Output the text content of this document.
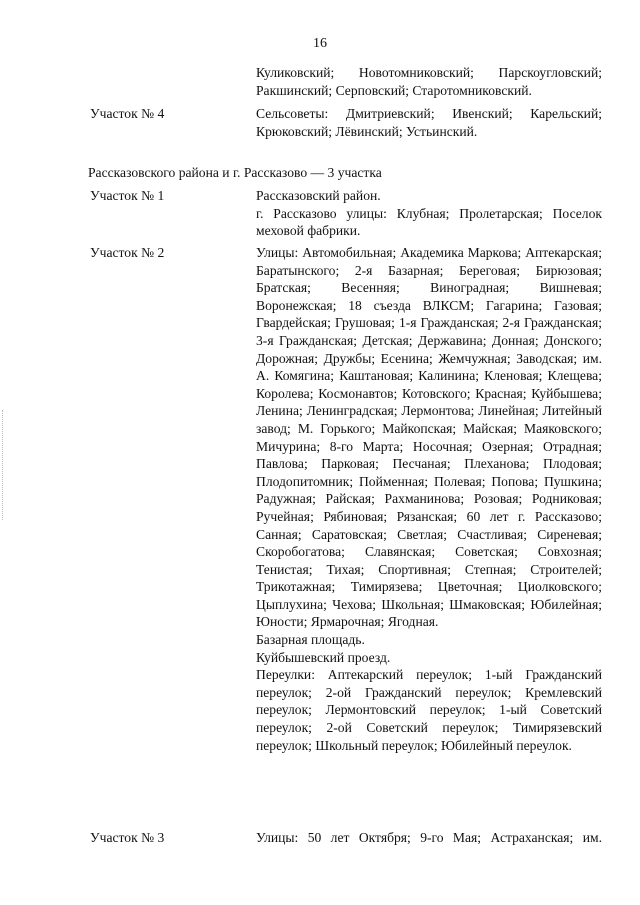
16

Куликовский; Новотомниковский; Парскоугловский; Ракшинский; Серповский; Старотомниковский.

Участок № 4	Сельсоветы: Дмитриевский; Ивенский; Карельский; Крюковский; Лёвинский; Устьинский.

Рассказовского района и г. Рассказово — 3 участка
Участок № 1	Рассказовский район.

г. Рассказово улицы: Клубная; Пролетарская; Поселок меховой фабрики.

Участок № 2	Улицы: Автомобильная; Академика Маркова; Аптекарская; Баратынского; 2-я Базарная; Береговая; Бирюзовая; Братская; Весенняя; Виноградная; Вишневая; Воронежская; 18 съезда ВЛКСМ; Гагарина; Газовая; Гвардейская; Грушовая; 1-я Гражданская; 2-я Гражданская; 3-я Гражданская; Детская; Державина; Донная; Донского; Дорожная; Дружбы; Есенина; Жемчужная; Заводская; им. А. Комягина; Каштановая; Калинина; Кленовая; Клещева; Королева; Космонавтов; Котовского; Красная; Куйбышева; Ленина; Ленинградская; Лермонтова; Линейная; Литейный завод; М. Горького; Майкопская; Майская; Маяковского; Мичурина; 8-го Марта; Носочная; Озерная; Отрадная; Павлова; Парковая; Песчаная; Плеханова; Плодовая; Плодопитомник; Пойменная; Полевая; Попова; Пушкина; Радужная; Райская; Рахманинова; Розовая; Родниковая; Ручейная; Рябиновая; Рязанская; 60 лет г. Рассказово; Санная; Саратовская; Светлая; Счастливая; Сиреневая; Скоробогатова; Славянская; Советская; Совхозная; Тенистая; Тихая; Спортивная; Степная; Строителей; Трикотажная; Тимирязева; Цветочная; Циолковского; Цыплухина; Чехова; Школьная; Шмаковская; Юбилейная; Юности; Ярмарочная; Ягодная.

Базарная площадь.

Куйбышевский проезд.

Переулки: Аптекарский переулок; 1-ый Гражданский переулок; 2-ой Гражданский переулок; Кремлевский переулок; Лермонтовский переулок; 1-ый Советский переулок; 2-ой Советский переулок; Тимирязевский переулок; Школьный переулок; Юбилейный переулок.

Участок № 3	Улицы: 50 лет Октября; 9-го Мая; Астраханская; им.
